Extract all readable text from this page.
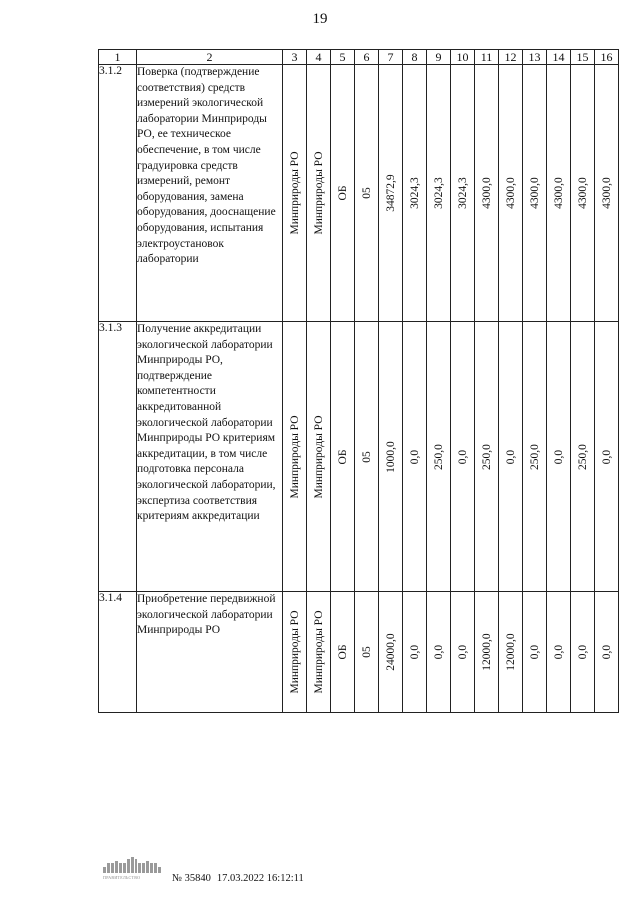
19
1	2	3	4	5	6	7	8	9	10	11	12	13	14	15	16
3.1.2	Поверка (подтверждение соответствия) средств измерений экологической лаборатории Минприроды РО, ее техническое обеспечение, в том числе градуировка средств измерений, ремонт оборудования, замена оборудования, дооснащение оборудования, испытания электроустановок лаборатории	Минприроды РО	Минприроды РО	ОБ	05	34872,9	3024,3	3024,3	3024,3	4300,0	4300,0	4300,0	4300,0	4300,0	4300,0

3.1.3	Получение аккредитации экологической лаборатории Минприроды РО, подтверждение компетентности аккредитованной экологической лаборатории Минприроды РО критериям аккредитации, в том числе подготовка персонала экологической лаборатории, экспертиза соответствия критериям аккредитации	Минприроды РО	Минприроды РО	ОБ	05	1000,0	0,0	250,0	0,0	250,0	0,0	250,0	0,0	250,0	0,0

3.1.4	Приобретение передвижной экологической лаборатории Минприроды РО	Минприроды РО	Минприроды РО	ОБ	05	24000,0	0,0	0,0	0,0	12000,0	12000,0	0,0	0,0	0,0	0,0
ПРАВИТЕЛЬСТВО	№ 35840 17.03.2022 16:12:11
